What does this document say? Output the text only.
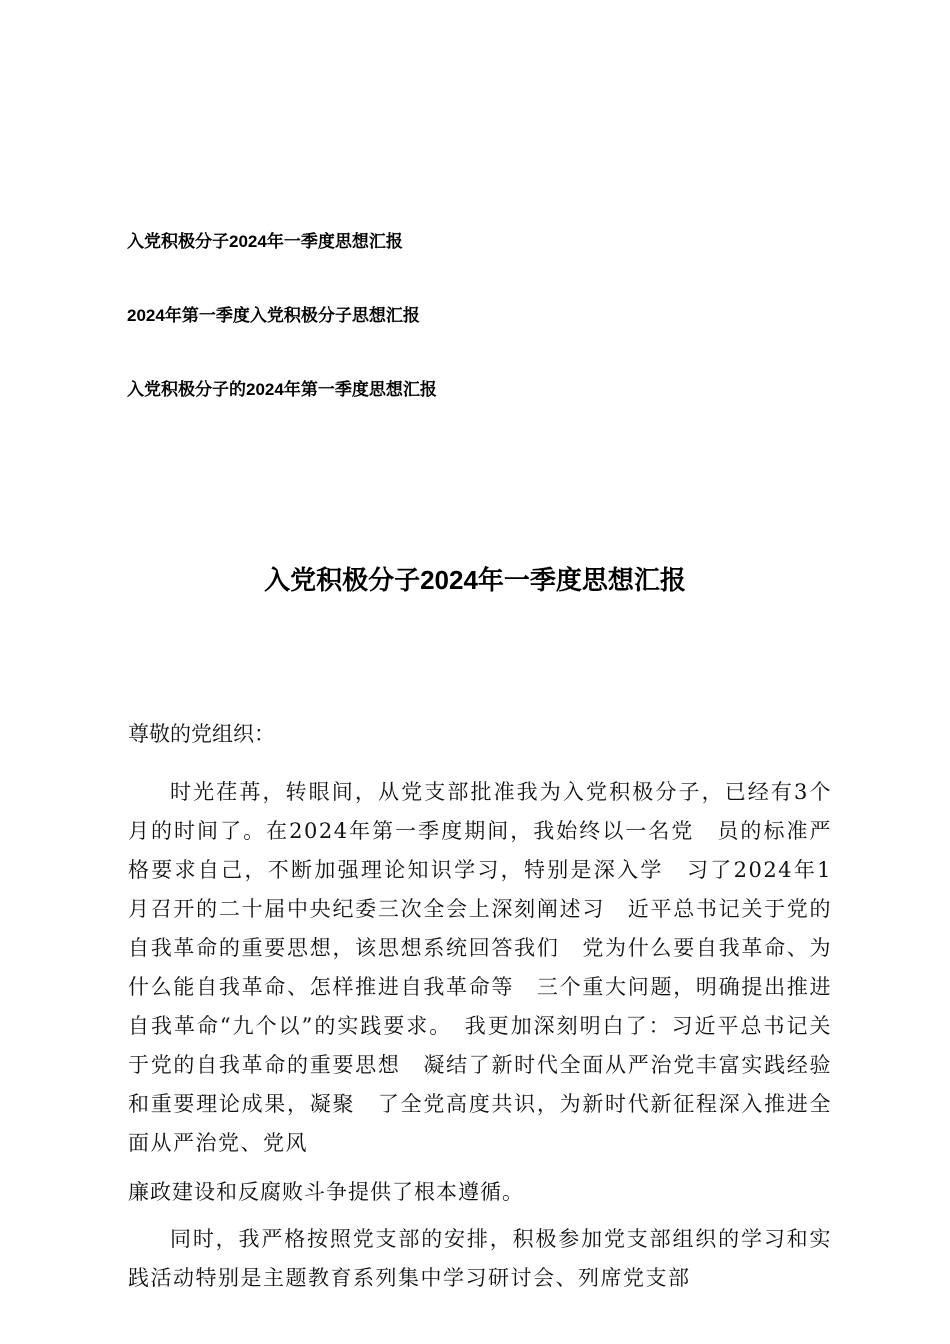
入党积极分子2024年一季度思想汇报
2024年第一季度入党积极分子思想汇报
入党积极分子的2024年第一季度思想汇报
入党积极分子2024年一季度思想汇报

尊敬的党组织：

时光荏苒，转眼间，从党支部批准我为入党积极分子，已经有3个月的时间了。在2024年第一季度期间，我始终以一名党　员的标准严格要求自己，不断加强理论知识学习，特别是深入学　习了2024年1月召开的二十届中央纪委三次全会上深刻阐述习　近平总书记关于党的自我革命的重要思想，该思想系统回答我们　党为什么要自我革命、为什么能自我革命、怎样推进自我革命等　三个重大问题，明确提出推进自我革命“九个以”的实践要求。　我更加深刻明白了：习近平总书记关于党的自我革命的重要思想　凝结了新时代全面从严治党丰富实践经验和重要理论成果，凝聚　了全党高度共识，为新时代新征程深入推进全面从严治党、党风

廉政建设和反腐败斗争提供了根本遵循。

同时，我严格按照党支部的安排，积极参加党支部组织的学习和实践活动特别是主题教育系列集中学习研讨会、列席党支部
